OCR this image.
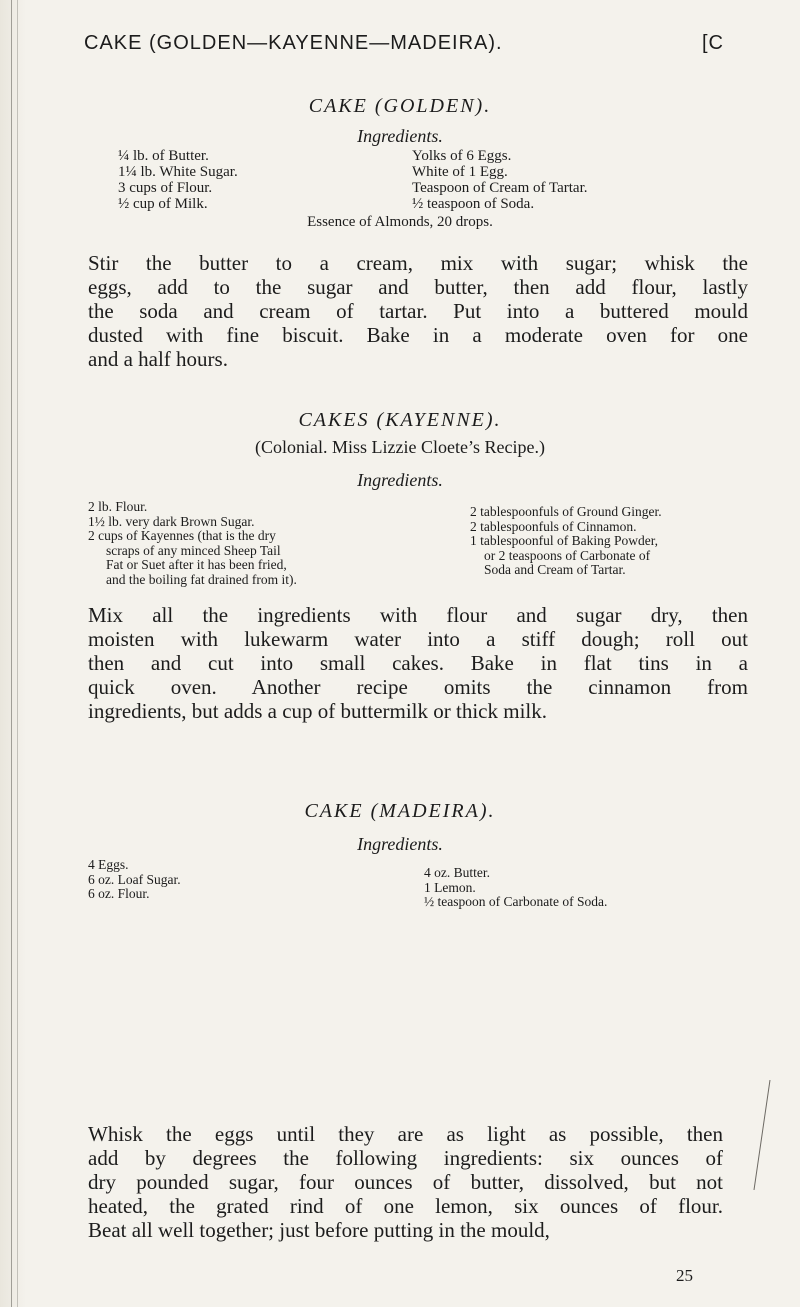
CAKE (GOLDEN—KAYENNE—MADEIRA).	[C
CAKE (GOLDEN).
Ingredients.
¼ lb. of Butter.
1¼ lb. White Sugar.
3 cups of Flour.
½ cup of Milk.
Yolks of 6 Eggs.
White of 1 Egg.
Teaspoon of Cream of Tartar.
½ teaspoon of Soda.
Essence of Almonds, 20 drops.
Stir the butter to a cream, mix with sugar; whisk the
eggs, add to the sugar and butter, then add flour, lastly
the soda and cream of tartar. Put into a buttered mould
dusted with fine biscuit. Bake in a moderate oven for one
and a half hours.
CAKES (KAYENNE).
(Colonial. Miss Lizzie Cloete’s Recipe.)
Ingredients.
2 lb. Flour.
1½ lb. very dark Brown Sugar.
2 cups of Kayennes (that is the dry
scraps of any minced Sheep Tail
Fat or Suet after it has been fried,
and the boiling fat drained from it).
2 tablespoonfuls of Ground Ginger.
2 tablespoonfuls of Cinnamon.
1 tablespoonful of Baking Powder,
or 2 teaspoons of Carbonate of
Soda and Cream of Tartar.
Mix all the ingredients with flour and sugar dry, then
moisten with lukewarm water into a stiff dough; roll out
then and cut into small cakes. Bake in flat tins in a
quick oven. Another recipe omits the cinnamon from
ingredients, but adds a cup of buttermilk or thick milk.
CAKE (MADEIRA).
Ingredients.
4 Eggs.
6 oz. Loaf Sugar.
6 oz. Flour.
4 oz. Butter.
1 Lemon.
½ teaspoon of Carbonate of Soda.
Whisk the eggs until they are as light as possible, then
add by degrees the following ingredients: six ounces of
dry pounded sugar, four ounces of butter, dissolved, but not
heated, the grated rind of one lemon, six ounces of flour.
Beat all well together; just before putting in the mould,
25
